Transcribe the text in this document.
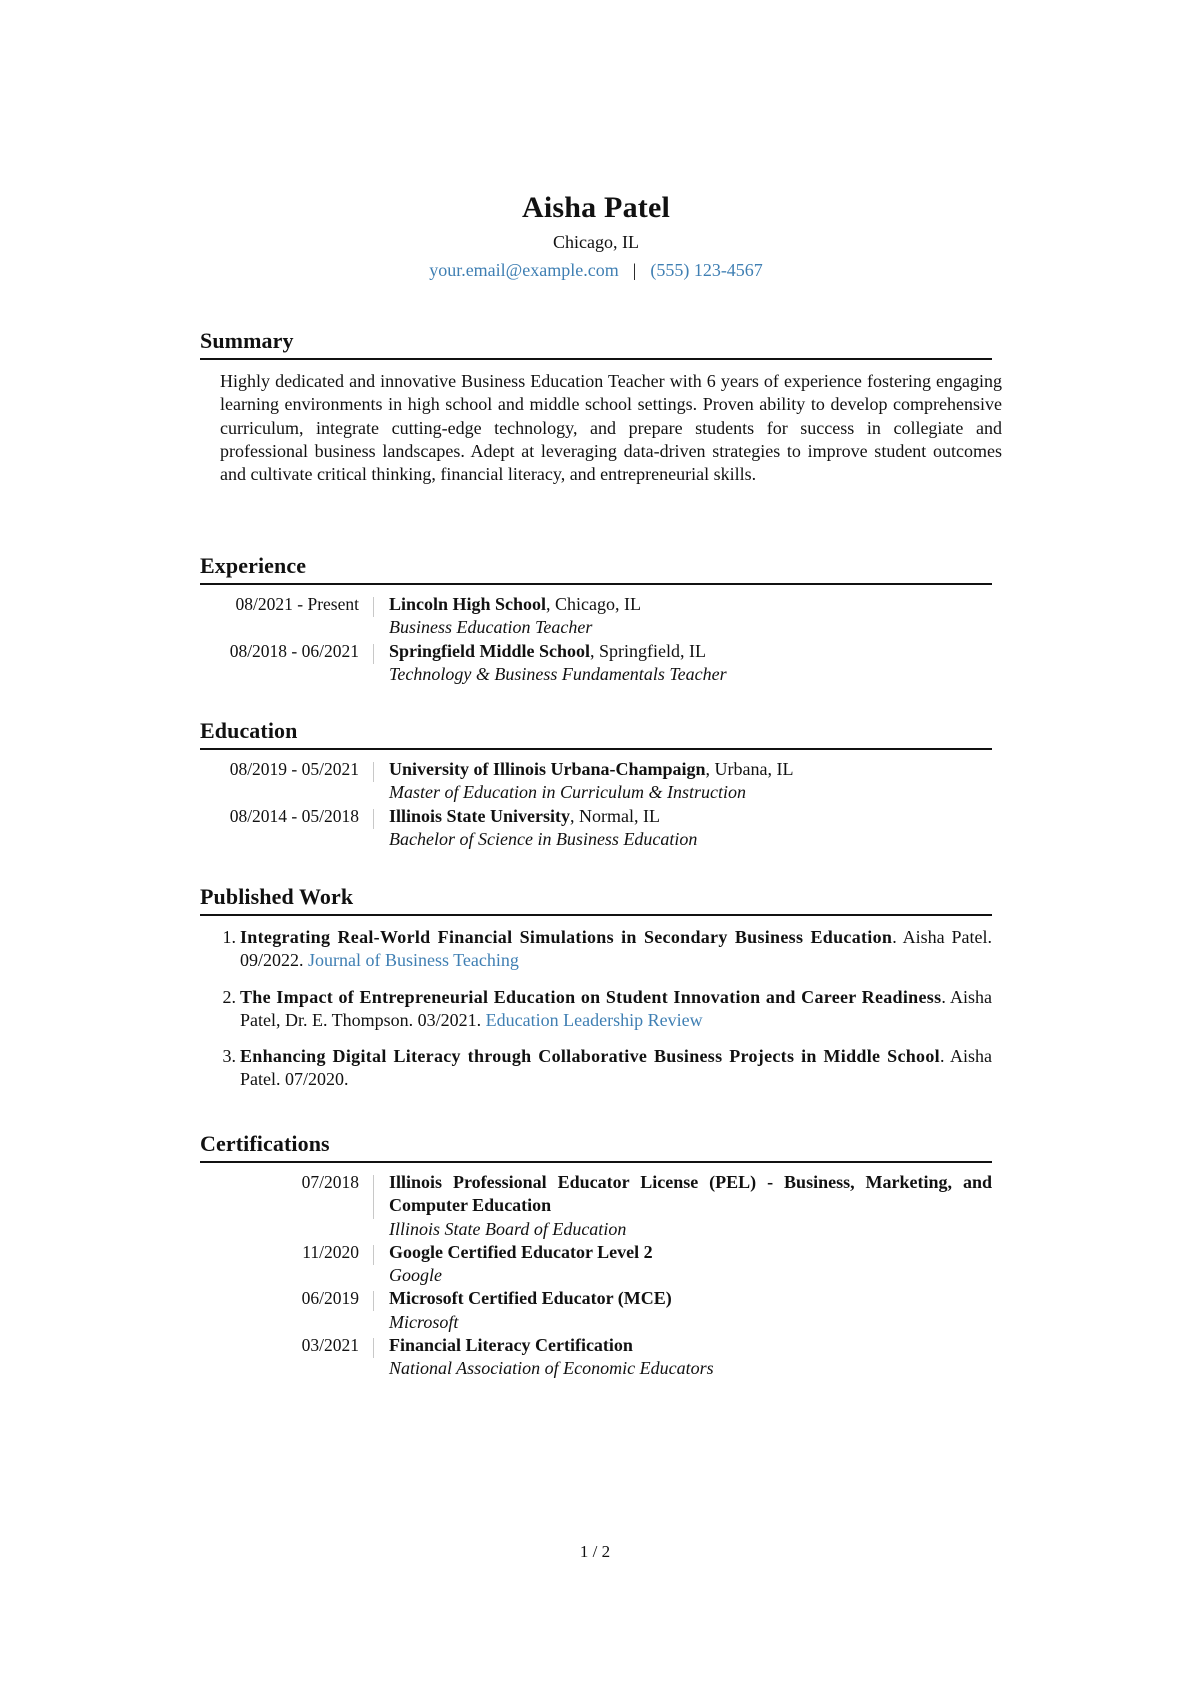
Aisha Patel
Chicago, IL
your.email@example.com | (555) 123-4567
Summary
Highly dedicated and innovative Business Education Teacher with 6 years of experience fostering engaging learning environments in high school and middle school settings. Proven ability to develop comprehensive curriculum, integrate cutting-edge technology, and prepare students for success in collegiate and professional business landscapes. Adept at leveraging data-driven strategies to improve student outcomes and cultivate critical thinking, financial literacy, and entrepreneurial skills.
Experience
08/2021 - Present	Lincoln High School, Chicago, IL
Business Education Teacher
08/2018 - 06/2021	Springfield Middle School, Springfield, IL
Technology & Business Fundamentals Teacher
Education
08/2019 - 05/2021	University of Illinois Urbana-Champaign, Urbana, IL
Master of Education in Curriculum & Instruction
08/2014 - 05/2018	Illinois State University, Normal, IL
Bachelor of Science in Business Education
Published Work
1. Integrating Real-World Financial Simulations in Secondary Business Education. Aisha Patel. 09/2022. Journal of Business Teaching
2. The Impact of Entrepreneurial Education on Student Innovation and Career Readiness. Aisha Patel, Dr. E. Thompson. 03/2021. Education Leadership Review
3. Enhancing Digital Literacy through Collaborative Business Projects in Middle School. Aisha Patel. 07/2020.
Certifications
07/2018	Illinois Professional Educator License (PEL) - Business, Marketing, and Computer Education
Illinois State Board of Education
11/2020	Google Certified Educator Level 2
Google
06/2019	Microsoft Certified Educator (MCE)
Microsoft
03/2021	Financial Literacy Certification
National Association of Economic Educators
1 / 2
